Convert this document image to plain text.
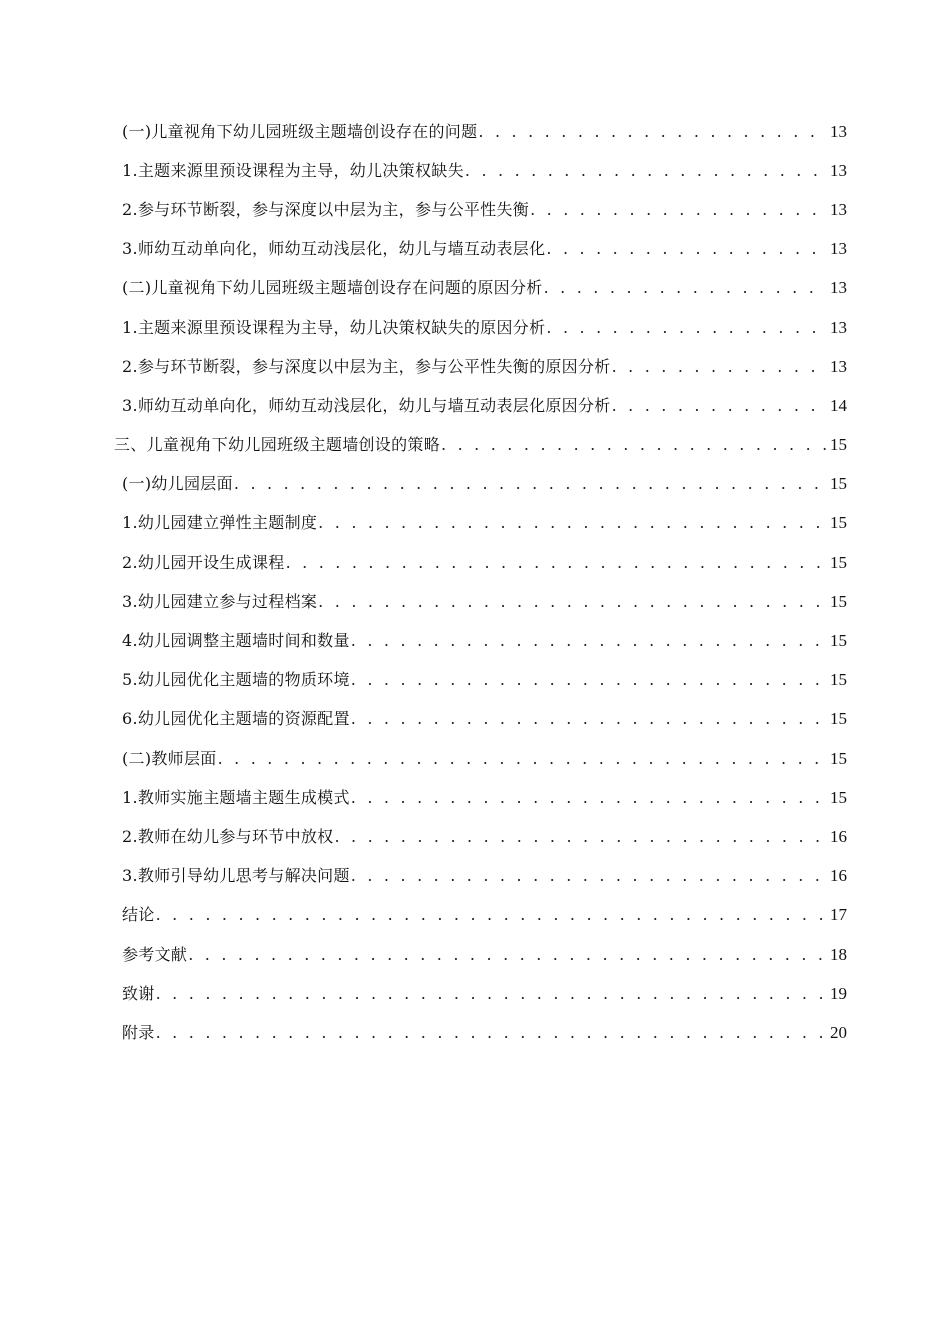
(一)儿童视角下幼儿园班级主题墙创设存在的问题 . . .	13
1.主题来源里预设课程为主导，幼儿决策权缺失 . . .	13
2.参与环节断裂，参与深度以中层为主，参与公平性失衡 . . .	13
3.师幼互动单向化，师幼互动浅层化，幼儿与墙互动表层化 . . .	13
(二)儿童视角下幼儿园班级主题墙创设存在问题的原因分析 . . .	13
1.主题来源里预设课程为主导，幼儿决策权缺失的原因分析 . . .	13
2.参与环节断裂，参与深度以中层为主，参与公平性失衡的原因分析 . . .	13
3.师幼互动单向化，师幼互动浅层化，幼儿与墙互动表层化原因分析 . . .	14
三、儿童视角下幼儿园班级主题墙创设的策略 . . .	15
(一)幼儿园层面 . . .	15
1.幼儿园建立弹性主题制度 . . .	15
2.幼儿园开设生成课程 . . .	15
3.幼儿园建立参与过程档案 . . .	15
4.幼儿园调整主题墙时间和数量 . . .	15
5.幼儿园优化主题墙的物质环境 . . .	15
6.幼儿园优化主题墙的资源配置 . . .	15
(二)教师层面 . . .	15
1.教师实施主题墙主题生成模式 . . .	15
2.教师在幼儿参与环节中放权 . . .	16
3.教师引导幼儿思考与解决问题 . . .	16
结论 . . .	17
参考文献 . . .	18
致谢 . . .	19
附录 . . .	20
